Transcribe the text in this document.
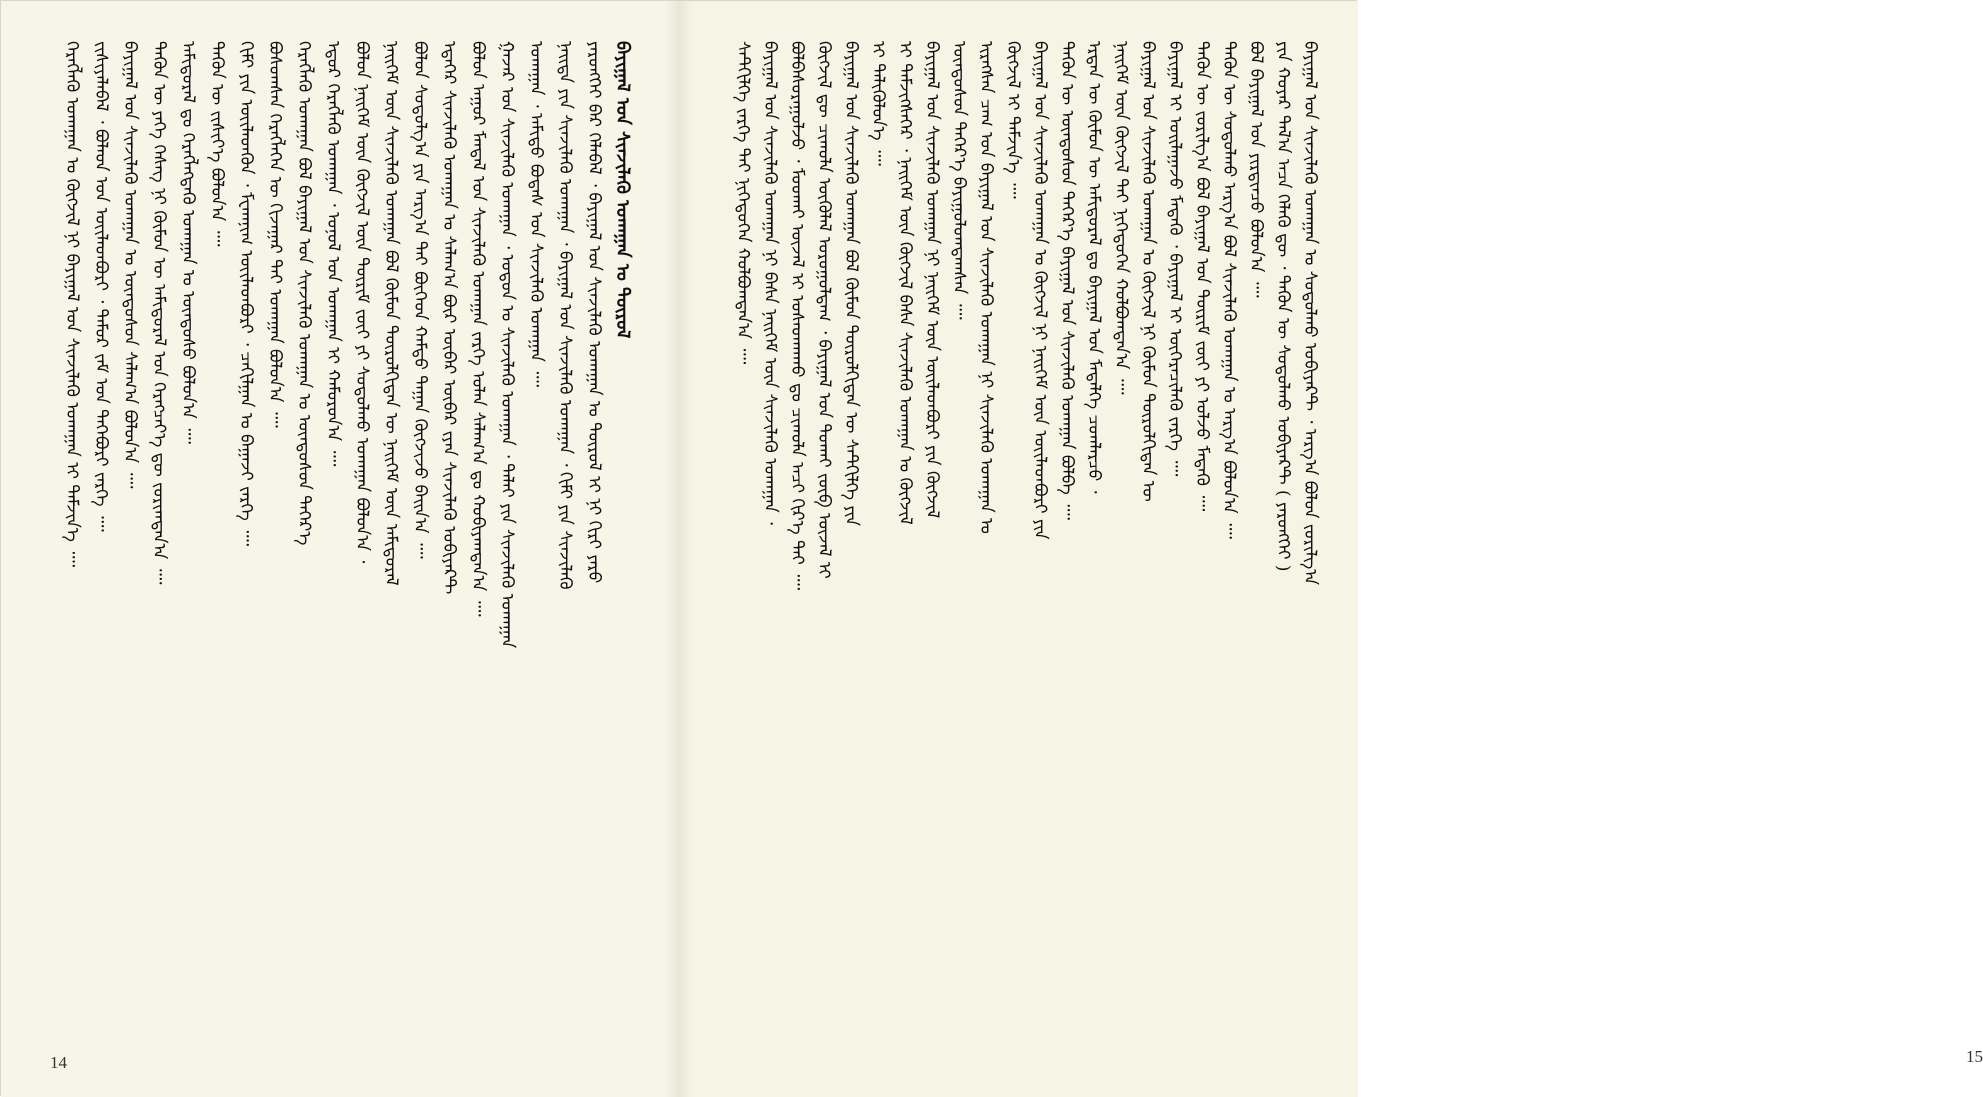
ᠪᠠᠶᠢᠭᠠᠯ ᠤᠨ ᠰᠢᠨᠵᠢᠯᠡᠬᠦ ᠤᠬᠠᠭᠠᠨ ᠤ ᠲᠦᠷᠦᠯ
ᠶᠡᠷᠦᠩᠬᠡᠢ ᠪᠡᠷ ᠬᠡᠯᠡᠪᠡᠯ ᠂ ᠪᠠᠶᠢᠭᠠᠯ ᠤᠨ ᠰᠢᠨᠵᠢᠯᠡᠬᠦ ᠤᠬᠠᠭᠠᠨ ᠤ ᠲᠦᠷᠦᠯ ᠢ ᠨᠢ ᠬᠢᠷᠢ ᠶᠡᠷᠦ
ᠨᠡᠢᠲᠡ ᠶᠢᠨ ᠰᠢᠨᠵᠢᠯᠡᠬᠦ ᠤᠬᠠᠭᠠᠨ ᠂ ᠪᠠᠶᠢᠭᠠᠯ ᠤᠨ ᠰᠢᠨᠵᠢᠯᠡᠬᠦ ᠤᠬᠠᠭᠠᠨ ᠂ ᠬᠢᠮᠢ ᠶᠢᠨ ᠰᠢᠨᠵᠢᠯᠡᠬᠦ
ᠤᠬᠠᠭᠠᠨ ᠂ ᠠᠮᠢᠳᠤ ᠪᠣᠳᠠᠰ ᠤᠨ ᠰᠢᠨᠵᠢᠯᠡᠬᠦ ᠤᠬᠠᠭᠠᠨ ᠁
ᠭᠠᠵᠠᠷ ᠤᠨ ᠰᠢᠨᠵᠢᠯᠡᠬᠦ ᠤᠬᠠᠭᠠᠨ ᠂ ᠣᠳᠣᠨ ᠤ ᠰᠢᠨᠵᠢᠯᠡᠬᠦ ᠤᠬᠠᠭᠠᠨ ᠂ ᠳᠠᠯᠠᠢ ᠶᠢᠨ ᠰᠢᠨᠵᠢᠯᠡᠬᠦ ᠤᠬᠠᠭᠠᠨ
ᠪᠣᠯᠣᠨ ᠠᠭᠤᠷ ᠮᠠᠨᠳᠠᠯ ᠤᠨ ᠰᠢᠨᠵᠢᠯᠡᠬᠦ ᠤᠬᠠᠭᠠᠨ ᠵᠡᠷᠭᠡ ᠣᠯᠠᠨ ᠰᠠᠯᠠᠭ᠎ᠠ ᠳᠤ ᠬᠤᠪᠢᠶᠠᠭᠳᠠᠨ᠎ᠠ ᠁
ᠡᠳᠡᠭᠡᠷ ᠰᠢᠨᠵᠢᠯᠡᠬᠦ ᠤᠬᠠᠭᠠᠨ ᠤ ᠰᠠᠯᠠᠭ᠎ᠠ ᠪᠦᠷ ᠥᠪᠡᠷ ᠥᠪᠡᠷ ᠢ᠋ᠶᠡᠨ ᠰᠢᠨᠵᠢᠯᠡᠬᠦ ᠣᠪᠢᠶᠡᠺᠲ
ᠪᠣᠯᠤᠨ ᠰᠤᠳᠤᠯᠭ᠎ᠠ ᠶᠢᠨ ᠠᠷᠭ᠎ᠠ ᠲᠠᠢ ᠪᠥᠭᠡᠳ ᠬᠠᠮᠲᠤ ᠳᠠᠭᠠᠨ ᠬᠥᠭᠵᠢᠵᠦ ᠪᠠᠢᠨ᠎ᠠ ᠁
ᠨᠡᠢᠭᠡᠮ ᠦᠨ ᠰᠢᠨᠵᠢᠯᠡᠬᠦ ᠤᠬᠠᠭᠠᠨ ᠪᠣᠯ ᠬᠦᠮᠦᠨ ᠲᠥᠷᠥᠯᠬᠢᠲᠡᠨ ᠦ ᠨᠡᠢᠭᠡᠮ ᠦᠨ ᠠᠮᠢᠳᠤᠷᠠᠯ
ᠪᠣᠯᠤᠨ ᠨᠡᠢᠭᠡᠮ ᠦᠨ ᠬᠥᠭᠵᠢᠯ ᠦᠨ ᠳᠦᠷᠢᠮ ᠵᠦᠢ ᠶᠢ ᠰᠤᠳᠤᠯᠬᠤ ᠤᠬᠠᠭᠠᠨ ᠪᠣᠯᠤᠨ᠎ᠠ ᠂
ᠡᠳᠦᠷ ᠬᠡᠷᠡᠭᠯᠡᠬᠦ ᠤᠬᠠᠭᠠᠨ ᠂ ᠣᠨᠣᠯ ᠤᠨ ᠤᠬᠠᠭᠠᠨ ᠢ ᠬᠠᠮᠤᠷᠤᠨ᠎ᠠ ᠁
ᠬᠡᠷᠡᠭᠯᠡᠬᠦ ᠤᠬᠠᠭᠠᠨ ᠪᠣᠯ ᠪᠠᠶᠢᠭᠠᠯ ᠤᠨ ᠰᠢᠨᠵᠢᠯᠡᠬᠦ ᠤᠬᠠᠭᠠᠨ ᠤ ᠦᠨᠳᠦᠰᠦᠨ ᠳᠡᠭᠡᠷ᠎ᠡ
ᠪᠣᠰᠤᠭᠰᠠᠨ ᠬᠡᠷᠡᠭᠯᠡᠭᠡᠨ ᠦ ᠬᠢᠵᠠᠭᠠᠷ ᠲᠠᠢ ᠤᠬᠠᠭᠠᠨ ᠪᠣᠯᠤᠨ᠎ᠠ ᠁
ᠬᠢᠮᠢ ᠶᠢᠨ ᠦᠢᠯᠡᠳᠬᠦᠨ ᠂ ᠮᠧᠬᠠᠨᠢᠭ ᠦᠢᠯᠡᠳᠪᠦᠷᠢ ᠂ ᠴᠠᠬᠢᠯᠭᠠᠨ ᠤ ᠪᠠᠭᠠᠵᠢ ᠵᠡᠷᠭᠡ ᠁
ᠲᠡᠭᠦᠨ ᠦ ᠵᠢᠱᠢᠶ᠎ᠡ ᠪᠣᠯᠤᠨ᠎ᠠ ᠁
ᠠᠮᠢᠳᠤᠷᠠᠯ ᠳᠤ ᠬᠡᠷᠡᠭᠯᠡᠭᠳᠡᠬᠦ ᠤᠬᠠᠭᠠᠨ ᠤ ᠦᠨᠳᠦᠰᠦ ᠪᠣᠯᠤᠨ᠎ᠠ ᠁
ᠲᠡᠭᠦᠨ ᠦ ᠶᠡᠬᠡ ᠬᠡᠰᠡᠭ ᠨᠢ ᠬᠦᠮᠦᠨ ᠦ ᠠᠮᠢᠳᠤᠷᠠᠯ ᠤᠨ ᠬᠡᠷᠡᠭᠴᠡᠶ᠎ᠡ ᠳᠦ ᠵᠣᠷᠢᠭᠳᠠᠨ᠎ᠠ ᠁
ᠪᠠᠶᠢᠭᠠᠯ ᠤᠨ ᠰᠢᠨᠵᠢᠯᠡᠬᠦ ᠤᠬᠠᠭᠠᠨ ᠤ ᠦᠨᠳᠦᠰᠦᠨ ᠰᠠᠯᠠᠭ᠎ᠠ ᠪᠣᠯᠤᠨ᠎ᠠ ᠁
ᠵᠢᠱᠢᠶᠡᠯᠡᠪᠡᠯ ᠂ ᠪᠣᠯᠠᠳ ᠤᠨ ᠦᠢᠯᠡᠳᠪᠦᠷᠢ ᠂ ᠲᠡᠮᠦᠷ ᠵᠠᠮ ᠤᠨ ᠲᠡᠭᠡᠪᠦᠷᠢ ᠵᠡᠷᠭᠡ ᠁
ᠬᠡᠷᠡᠭᠯᠡᠬᠦ ᠤᠬᠠᠭᠠᠨ ᠤ ᠬᠥᠭᠵᠢᠯ ᠨᠢ ᠪᠠᠶᠢᠭᠠᠯ ᠤᠨ ᠰᠢᠨᠵᠢᠯᠡᠬᠦ ᠤᠬᠠᠭᠠᠨ ᠢ ᠳᠡᠮᠵᠢᠨ᠎ᠡ ᠁
14
ᠪᠠᠶᠢᠭᠠᠯ ᠤᠨ ᠰᠢᠨᠵᠢᠯᠡᠬᠦ ᠤᠬᠠᠭᠠᠨ ᠤ ᠰᠤᠳᠤᠯᠬᠤ ᠣᠪᠢᠶᠡᠺᠲ ᠂ ᠠᠷᠭ᠎ᠠ ᠪᠣᠯᠤᠨ ᠵᠣᠷᠢᠯᠭ᠎ᠠ
ᠶᠢᠨ ᠬᠣᠶᠠᠷ ᠲᠠᠯ᠎ᠠ ᠠᠴᠠ ᠬᠡᠯᠡᠬᠦ ᠳᠦ ᠂ ᠲᠡᠭᠦᠨ ᠦ ᠰᠤᠳᠤᠯᠬᠤ ᠣᠪᠢᠶᠡᠺᠲ ( ᠶᠡᠷᠦᠩᠬᠡᠢ )
ᠪᠣᠯ ᠪᠠᠶᠢᠭᠠᠯ ᠤᠨ ᠶᠢᠷᠲᠢᠨᠴᠦ ᠪᠣᠯᠤᠨ᠎ᠠ ᠁
ᠲᠡᠭᠦᠨ ᠦ ᠰᠤᠳᠤᠯᠬᠤ ᠠᠷᠭ᠎ᠠ ᠪᠣᠯ ᠰᠢᠨᠵᠢᠯᠡᠬᠦ ᠤᠬᠠᠭᠠᠨ ᠤ ᠠᠷᠭ᠎ᠠ ᠪᠣᠯᠤᠨ᠎ᠠ ᠁
ᠲᠡᠭᠦᠨ ᠦ ᠵᠣᠷᠢᠯᠭ᠎ᠠ ᠪᠣᠯ ᠪᠠᠶᠢᠭᠠᠯ ᠤᠨ ᠳᠦᠷᠢᠮ ᠵᠦᠢ ᠶᠢ ᠣᠯᠵᠤ ᠮᠡᠳᠡᠬᠦ ᠁
ᠪᠠᠶᠢᠭᠠᠯ ᠢ ᠣᠢᠯᠠᠭᠠᠵᠤ ᠮᠡᠳᠡᠬᠦ ᠂ ᠪᠠᠶᠢᠭᠠᠯ ᠢ ᠥᠭᠡᠷᠡᠴᠢᠯᠡᠬᠦ ᠵᠡᠷᠭᠡ ᠁
ᠪᠠᠶᠢᠭᠠᠯ ᠤᠨ ᠰᠢᠨᠵᠢᠯᠡᠬᠦ ᠤᠬᠠᠭᠠᠨ ᠤ ᠬᠥᠭᠵᠢᠯ ᠨᠢ ᠬᠦᠮᠦᠨ ᠲᠥᠷᠥᠯᠬᠢᠲᠡᠨ ᠦ
ᠨᠡᠢᠭᠡᠮ ᠦᠨ ᠬᠥᠭᠵᠢᠯ ᠲᠡᠢ ᠨᠢᠭᠡᠳᠦᠭᠡᠨ ᠬᠣᠯᠪᠣᠭᠳᠠᠨ᠎ᠠ ᠁
ᠡᠷᠲᠡᠨ ᠦ ᠬᠦᠮᠦᠨ ᠦ ᠠᠮᠢᠳᠤᠷᠠᠯ ᠳᠤ ᠪᠠᠶᠢᠭᠠᠯ ᠤᠨ ᠮᠡᠳᠡᠯᠭᠡ ᠴᠤᠭᠯᠠᠷᠴᠤ ᠂
ᠲᠡᠭᠦᠨ ᠦ ᠦᠨᠳᠦᠰᠦᠨ ᠳᠡᠭᠡᠷ᠎ᠡ ᠪᠠᠶᠢᠭᠠᠯ ᠤᠨ ᠰᠢᠨᠵᠢᠯᠡᠬᠦ ᠤᠬᠠᠭᠠᠨ ᠪᠣᠯᠪᠠ ᠁
ᠪᠠᠶᠢᠭᠠᠯ ᠤᠨ ᠰᠢᠨᠵᠢᠯᠡᠬᠦ ᠤᠬᠠᠭᠠᠨ ᠤ ᠬᠥᠭᠵᠢᠯ ᠨᠢ ᠨᠡᠢᠭᠡᠮ ᠦᠨ ᠦᠢᠯᠡᠳᠪᠦᠷᠢ ᠶᠢᠨ
ᠬᠥᠭᠵᠢᠯ ᠢ ᠳᠡᠮᠵᠢᠨ᠎ᠡ ᠁
ᠢᠷᠡᠭᠰᠡᠨ ᠴᠠᠭ ᠤᠨ ᠪᠠᠶᠢᠭᠠᠯ ᠤᠨ ᠰᠢᠨᠵᠢᠯᠡᠬᠦ ᠤᠬᠠᠭᠠᠨ ᠨᠢ ᠰᠢᠨᠵᠢᠯᠡᠬᠦ ᠤᠬᠠᠭᠠᠨ ᠤ
ᠦᠨᠳᠦᠰᠦᠨ ᠳᠡᠭᠡᠷ᠎ᠡ ᠪᠠᠶᠢᠭᠤᠯᠤᠭᠳᠠᠭᠰᠠᠨ ᠁
ᠪᠠᠶᠢᠭᠠᠯ ᠤᠨ ᠰᠢᠨᠵᠢᠯᠡᠬᠦ ᠤᠬᠠᠭᠠᠨ ᠨᠢ ᠨᠡᠢᠭᠡᠮ ᠦᠨ ᠦᠢᠯᠡᠳᠪᠦᠷᠢ ᠶᠢᠨ ᠬᠥᠭᠵᠢᠯ
ᠢ ᠳᠡᠮᠵᠢᠭᠰᠡᠭᠡᠷ ᠂ ᠨᠡᠢᠭᠡᠮ ᠦᠨ ᠬᠥᠭᠵᠢᠯ ᠪᠠᠰᠠ ᠰᠢᠨᠵᠢᠯᠡᠬᠦ ᠤᠬᠠᠭᠠᠨ ᠤ ᠬᠥᠭᠵᠢᠯ
ᠢ ᠲᠡᠯᠢᠭᠦᠯᠦᠨ᠎ᠡ ᠁
ᠪᠠᠶᠢᠭᠠᠯ ᠤᠨ ᠰᠢᠨᠵᠢᠯᠡᠬᠦ ᠤᠬᠠᠭᠠᠨ ᠪᠣᠯ ᠬᠦᠮᠦᠨ ᠲᠥᠷᠥᠯᠬᠢᠲᠡᠨ ᠦ ᠰᠡᠲᠬᠢᠯᠭᠡ ᠶᠢᠨ
ᠬᠥᠭᠵᠢᠯ ᠳᠦ ᠴᠢᠬᠤᠯᠠ ᠥᠭᠦᠯᠡᠯ ᠣᠷᠣᠭᠤᠯᠳᠠᠭ ᠂ ᠪᠠᠶᠢᠭᠠᠯ ᠤᠨ ᠲᠤᠬᠠᠢ ᠵᠥᠪ ᠦᠵᠡᠯ ᠢ
ᠪᠣᠯᠪᠠᠰᠤᠷᠠᠭᠤᠯᠵᠤ ᠂ ᠮᠤᠤᠬᠠᠢ ᠦᠵᠡᠯ ᠢ ᠤᠰᠠᠳᠬᠠᠬᠤ ᠳᠤ ᠴᠢᠬᠤᠯᠠ ᠠᠴᠢ ᠬᠢᠷ᠎ᠡ ᠲᠠᠢ ᠁
ᠪᠠᠶᠢᠭᠠᠯ ᠤᠨ ᠰᠢᠨᠵᠢᠯᠡᠬᠦ ᠤᠬᠠᠭᠠᠨ ᠨᠢ ᠪᠠᠰᠠ ᠨᠡᠢᠭᠡᠮ ᠦᠨ ᠰᠢᠨᠵᠢᠯᠡᠬᠦ ᠤᠬᠠᠭᠠᠨ ᠂
ᠰᠡᠲᠬᠢᠯᠭᠡ ᠵᠡᠷᠭᠡ ᠲᠡᠢ ᠨᠢᠭᠡᠳᠦᠭᠡᠨ ᠬᠣᠯᠪᠣᠭᠳᠠᠨ᠎ᠠ ᠁
15
